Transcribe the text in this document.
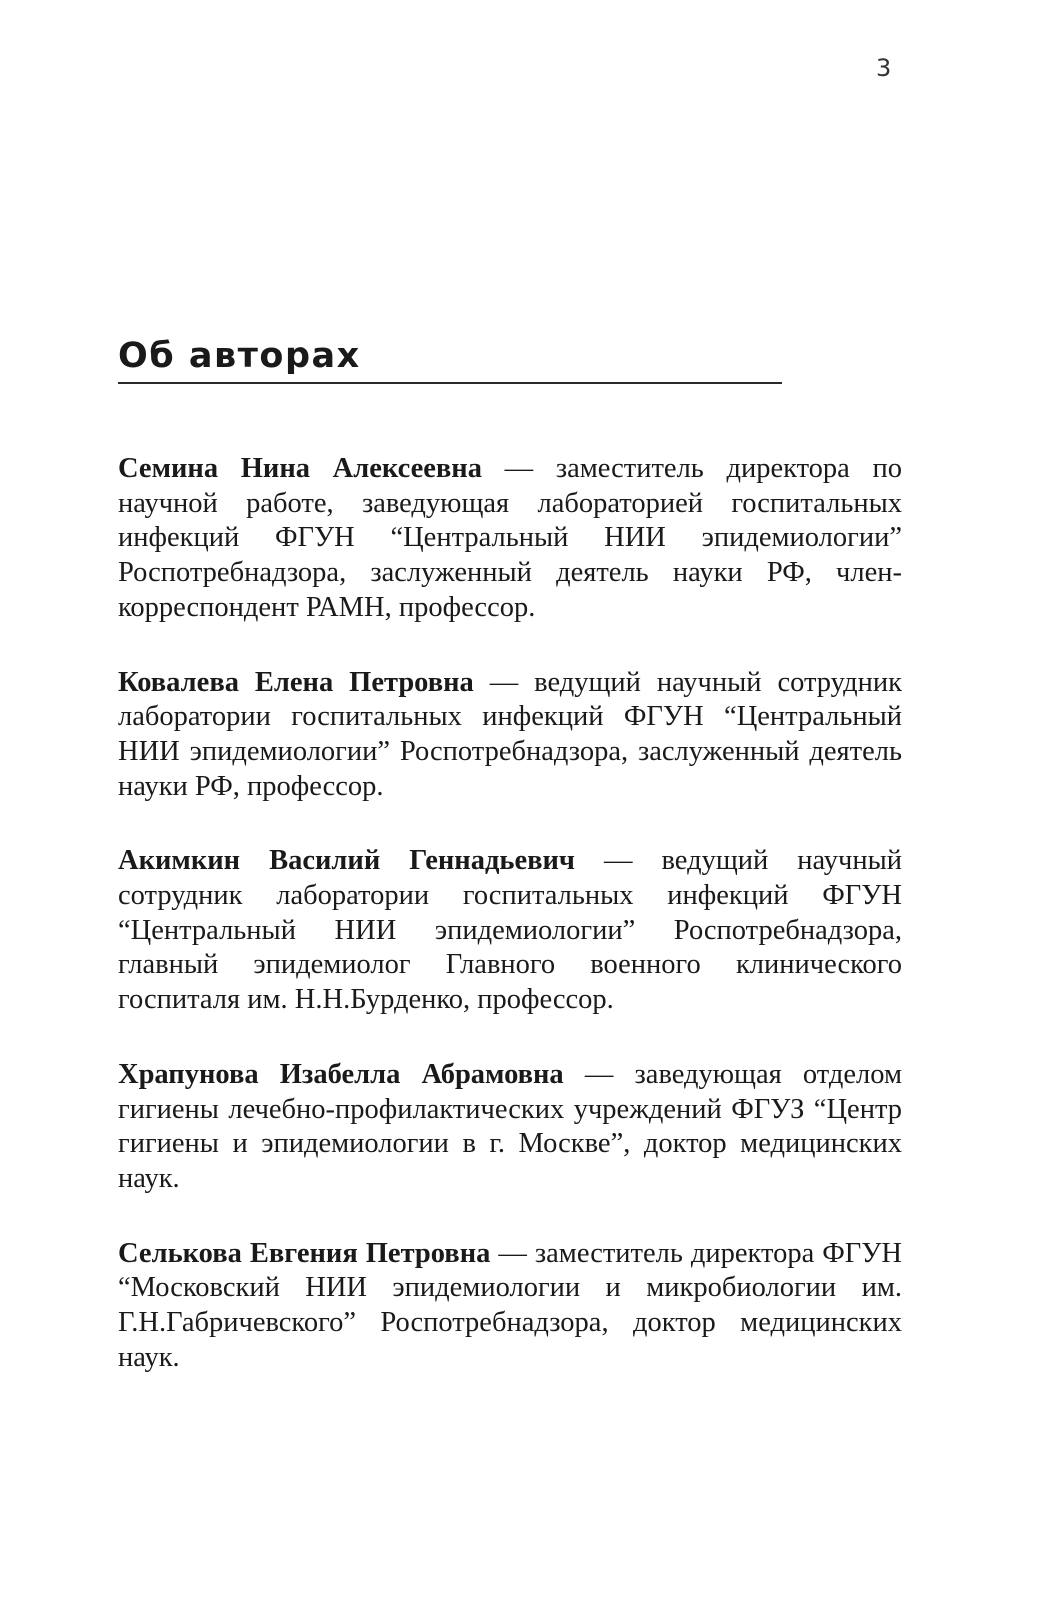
3
Об авторах

Семина Нина Алексеевна — заместитель директора по научной работе, заведующая лабораторией госпитальных инфекций ФГУН “Центральный НИИ эпидемиологии” Роспотребнадзора, заслуженный деятель науки РФ, член-корреспондент РАМН, профессор.

Ковалева Елена Петровна — ведущий научный сотрудник лаборатории госпитальных инфекций ФГУН “Центральный НИИ эпидемиологии” Роспотребнадзора, заслуженный деятель науки РФ, профессор.

Акимкин Василий Геннадьевич — ведущий научный сотрудник лаборатории госпитальных инфекций ФГУН “Центральный НИИ эпидемиологии” Роспотребнадзора, главный эпидемиолог Главного военного клинического госпиталя им. Н.Н.Бурденко, профессор.

Храпунова Изабелла Абрамовна — заведующая отделом гигиены лечебно-профилактических учреждений ФГУЗ “Центр гигиены и эпидемиологии в г. Москве”, доктор медицинских наук.

Селькова Евгения Петровна — заместитель директора ФГУН “Московский НИИ эпидемиологии и микробиологии им. Г.Н.Габричевского” Роспотребнадзора, доктор медицинских наук.
